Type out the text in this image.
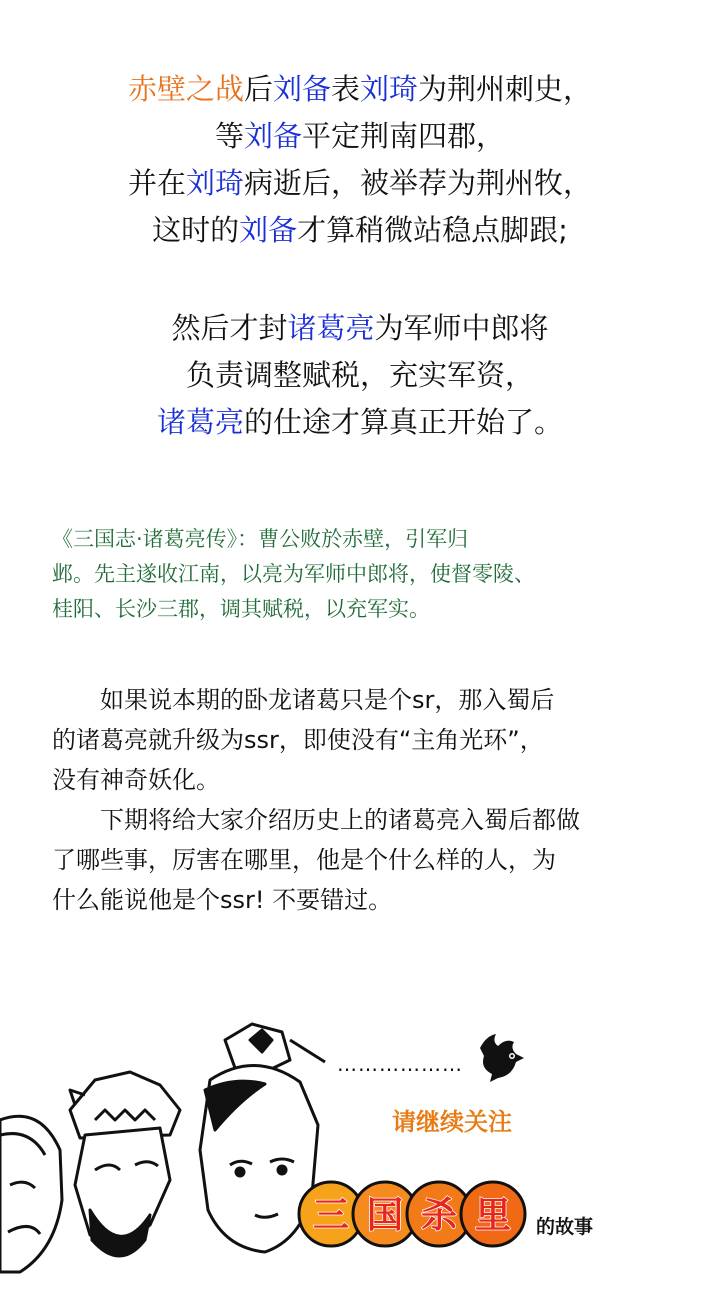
赤壁之战后刘备表刘琦为荆州刺史，
等刘备平定荆南四郡，
并在刘琦病逝后，被举荐为荆州牧，
这时的刘备才算稍微站稳点脚跟;
然后才封诸葛亮为军师中郎将
负责调整赋税，充实军资，
诸葛亮的仕途才算真正开始了。

《三国志·诸葛亮传》：曹公败於赤壁，引军归

邺。先主遂收江南，以亮为军师中郎将，使督零陵、

桂阳、长沙三郡，调其赋税，以充军实。

　　如果说本期的卧龙诸葛只是个sr，那入蜀后

的诸葛亮就升级为ssr，即使没有“主角光环”，

没有神奇妖化。

　　下期将给大家介绍历史上的诸葛亮入蜀后都做

了哪些事，厉害在哪里，他是个什么样的人，为

什么能说他是个ssr! 不要错过。

………………
请继续关注
三 国 杀 里 的故事
